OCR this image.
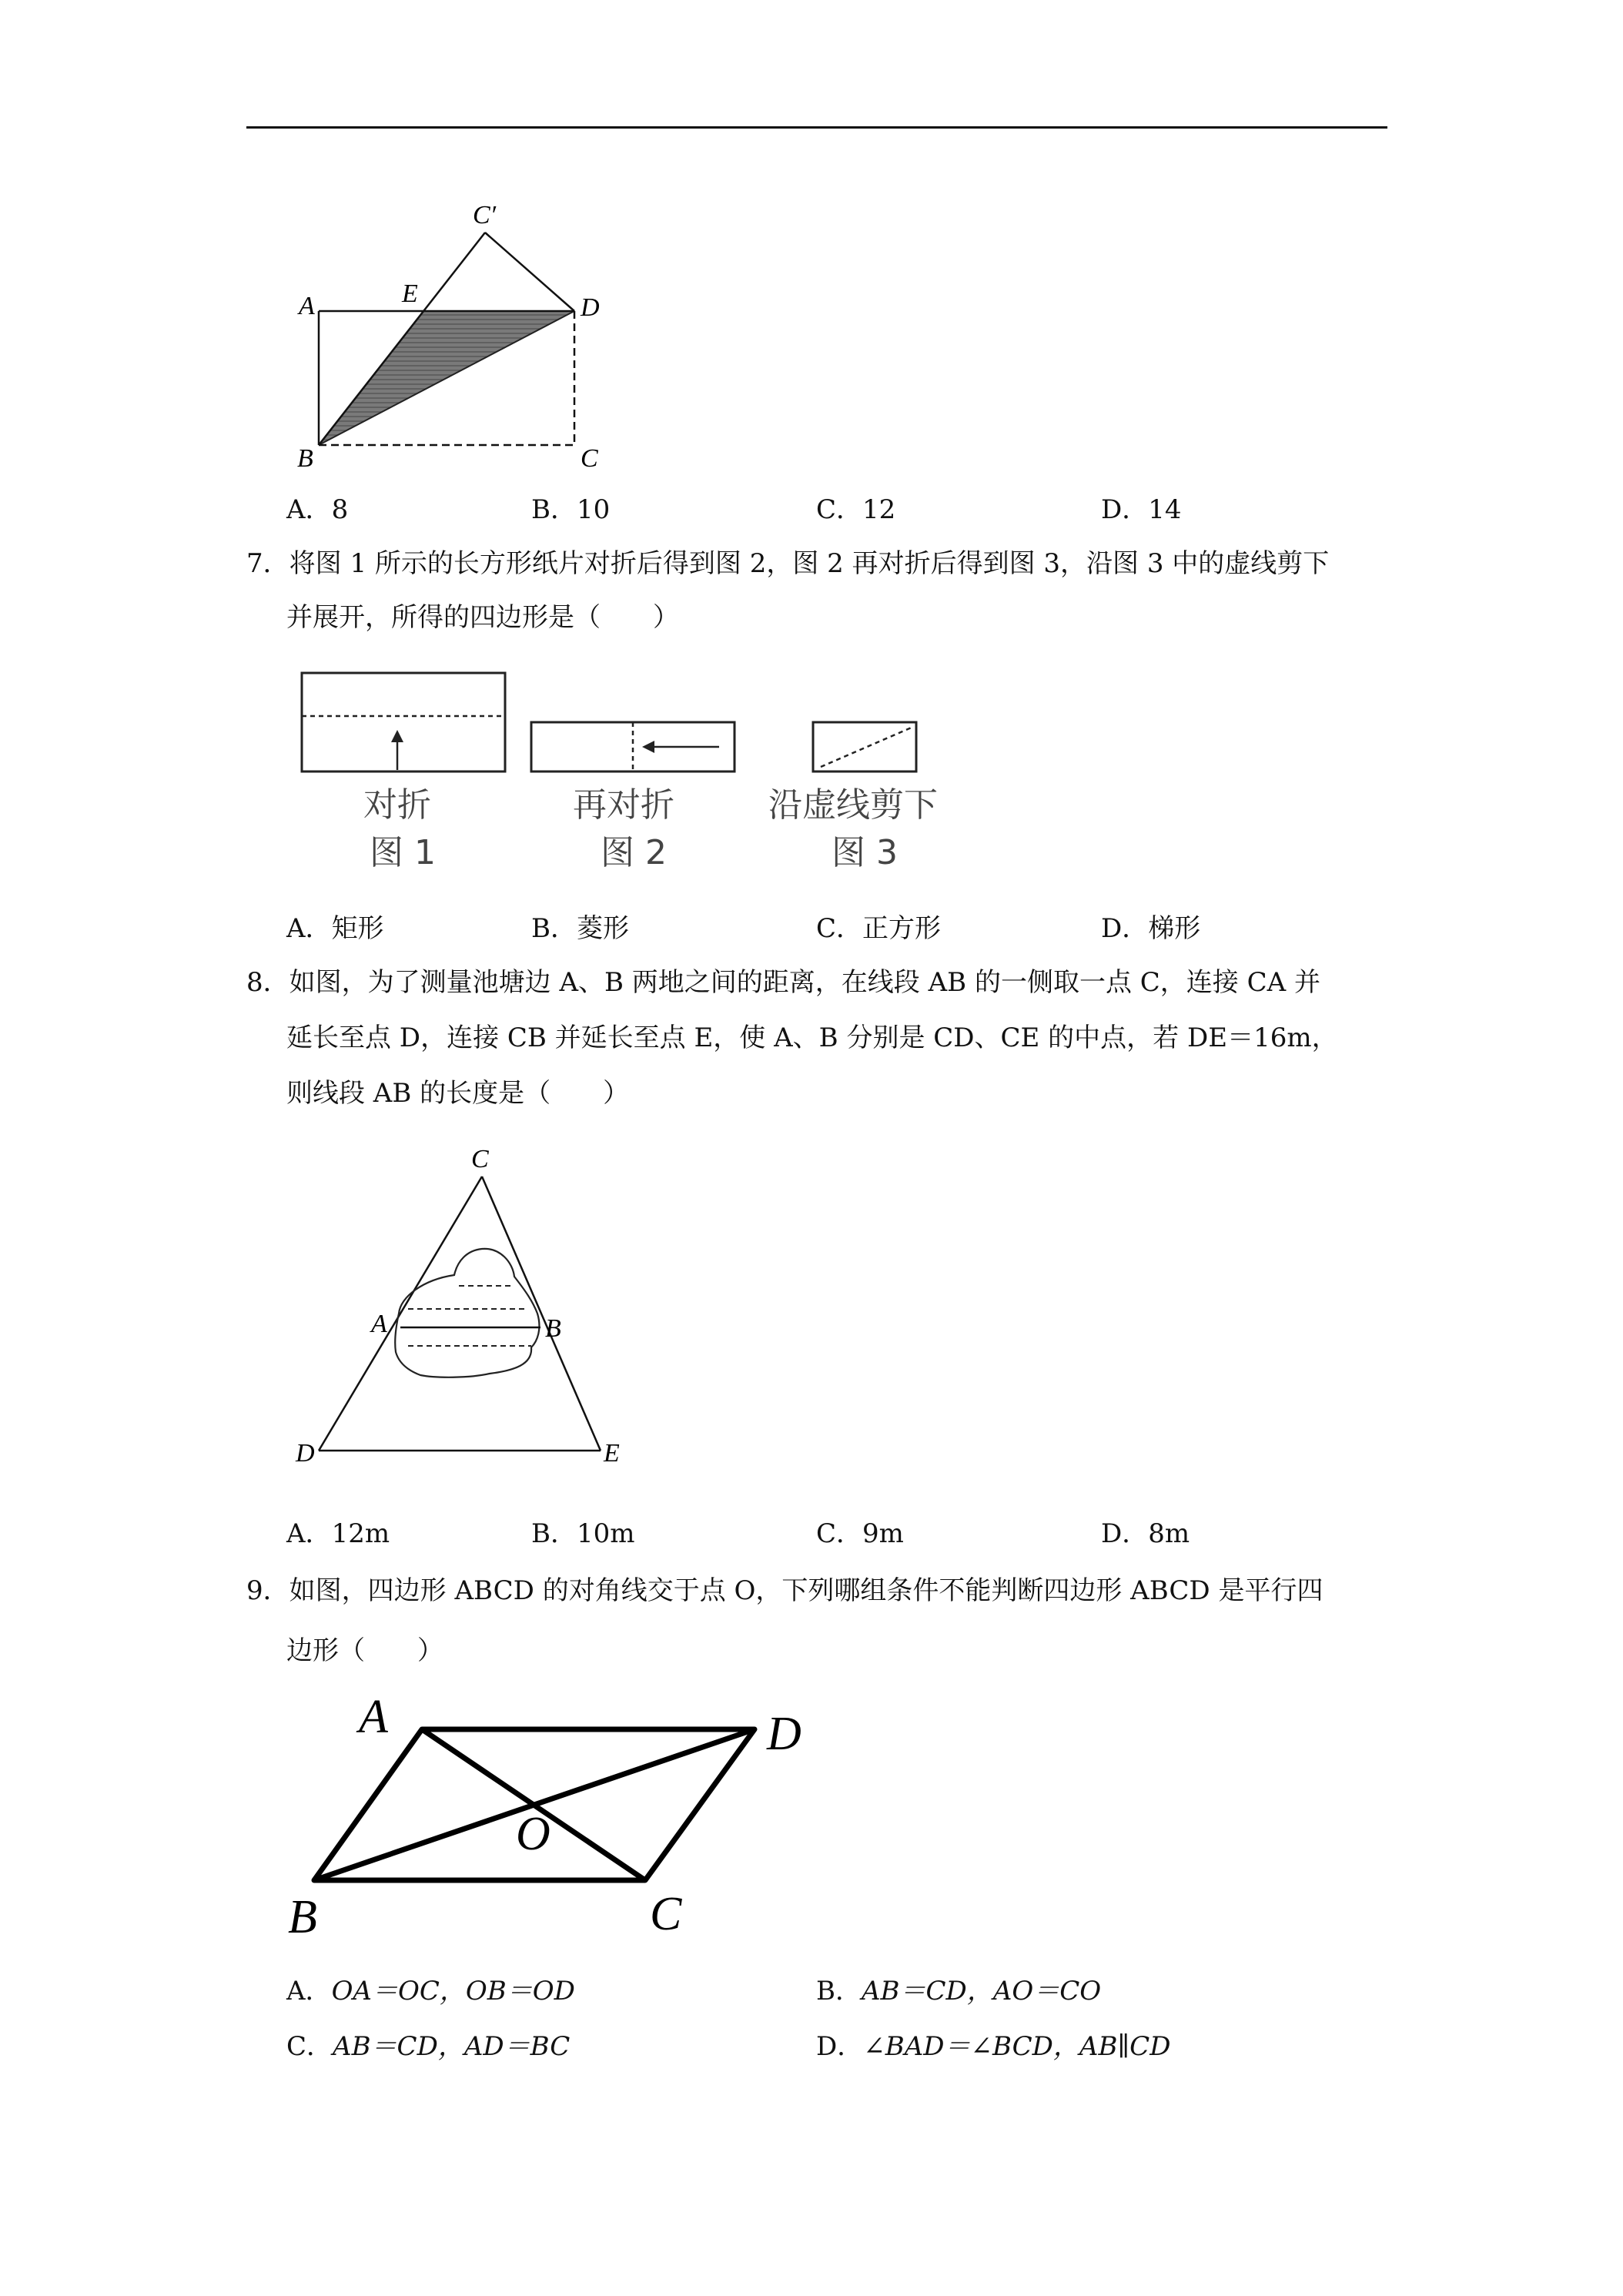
A	E
C′
D
B	C
A．8	B．10	C．12	D．14
7．将图 1 所示的长方形纸片对折后得到图 2，图 2 再对折后得到图 3，沿图 3 中的虚线剪下
并展开，所得的四边形是（　　）
对折
图 1
再对折
图 2
沿虚线剪下
图 3
A．矩形	B．菱形	C．正方形	D．梯形
8．如图，为了测量池塘边 A、B 两地之间的距离，在线段 AB 的一侧取一点 C，连接 CA 并
延长至点 D，连接 CB 并延长至点 E，使 A、B 分别是 CD、CE 的中点，若 DE＝16m，
则线段 AB 的长度是（　　）
C
A	B
D	E
A．12m	B．10m	C．9m	D．8m
9．如图，四边形 ABCD 的对角线交于点 O，下列哪组条件不能判断四边形 ABCD 是平行四
边形（　　）
A	D
O
B	C
A．OA＝OC，OB＝OD	B．AB＝CD，AO＝CO
C．AB＝CD，AD＝BC	D．∠BAD＝∠BCD，AB∥CD
